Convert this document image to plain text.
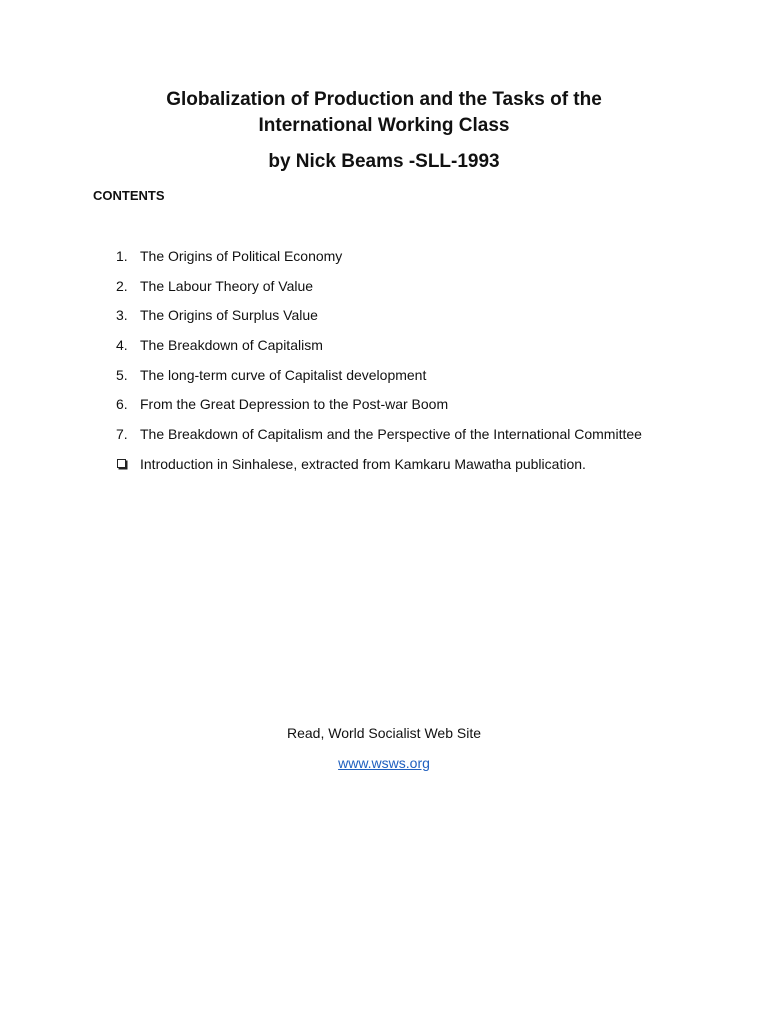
Globalization of Production and the Tasks of the
International Working Class
by Nick Beams -SLL-1993
CONTENTS
1. The Origins of Political Economy
2. The Labour Theory of Value
3. The Origins of Surplus Value
4. The Breakdown of Capitalism
5. The long-term curve of Capitalist development
6. From the Great Depression to the Post-war Boom
7. The Breakdown of Capitalism and the Perspective of the International Committee
Introduction in Sinhalese, extracted from Kamkaru Mawatha publication.
Read, World Socialist Web Site
www.wsws.org
